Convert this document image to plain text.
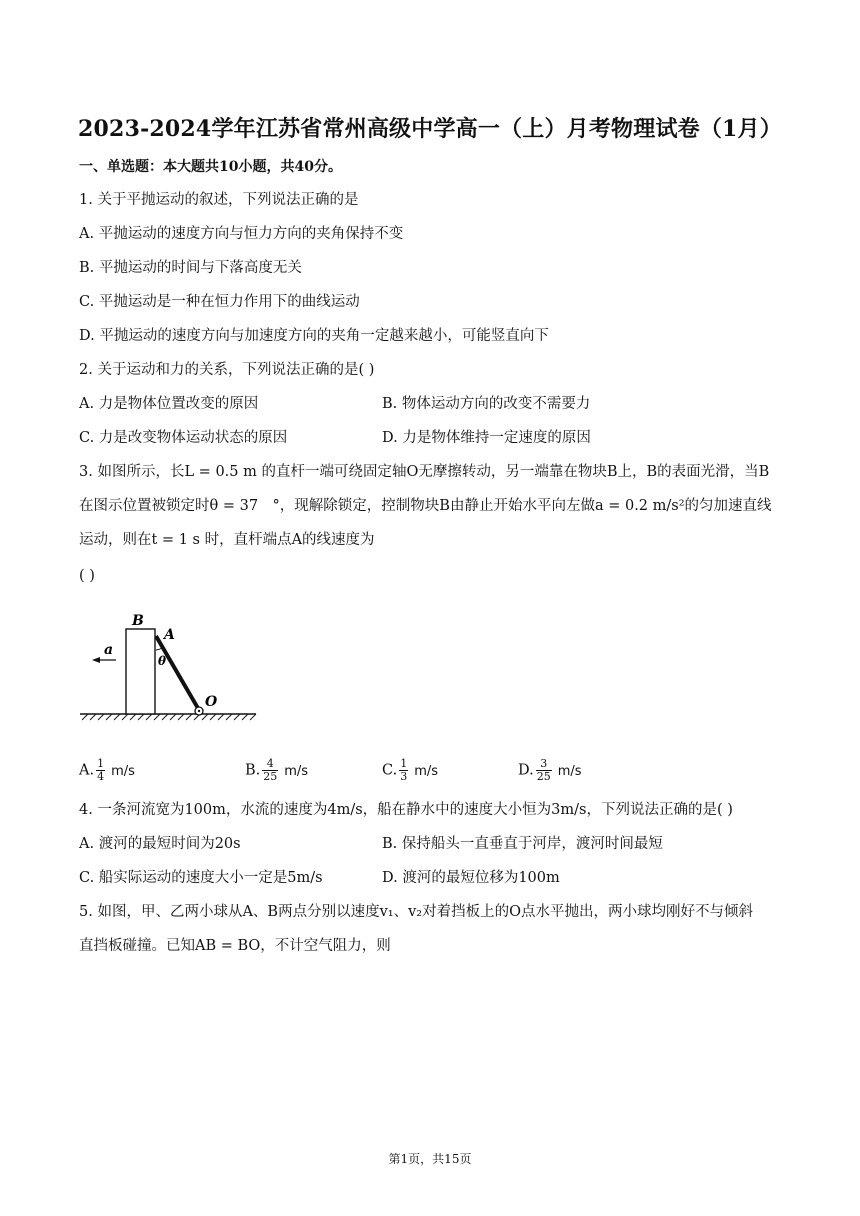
2023-2024学年江苏省常州高级中学高一（上）月考物理试卷（1月）
一、单选题：本大题共10小题，共40分。
1. 关于平抛运动的叙述，下列说法正确的是
A. 平抛运动的速度方向与恒力方向的夹角保持不变
B. 平抛运动的时间与下落高度无关
C. 平抛运动是一种在恒力作用下的曲线运动
D. 平抛运动的速度方向与加速度方向的夹角一定越来越小，可能竖直向下
2. 关于运动和力的关系，下列说法正确的是( )
A. 力是物体位置改变的原因	B. 物体运动方向的改变不需要力
C. 力是改变物体运动状态的原因	D. 力是物体维持一定速度的原因
3. 如图所示，长L = 0.5 m 的直杆一端可绕固定轴O无摩擦转动，另一端靠在物块B上，B的表面光滑，当B
在图示位置被锁定时θ = 37　°，现解除锁定，控制物块B由静止开始水平向左做a = 0.2 m/s²的匀加速直线
运动，则在t = 1 s 时，直杆端点A的线速度为
( )
B
A
a
θ
O
A. $\frac{1}{4} m/s$	B. $\frac{4}{25} m/s$	C. $\frac{1}{3} m/s$	D. $\frac{3}{25} m/s$
4. 一条河流宽为100m，水流的速度为4m/s，船在静水中的速度大小恒为3m/s，下列说法正确的是( )
A. 渡河的最短时间为20s	B. 保持船头一直垂直于河岸，渡河时间最短
C. 船实际运动的速度大小一定是5m/s	D. 渡河的最短位移为100m
5. 如图，甲、乙两小球从A、B两点分别以速度v₁、v₂对着挡板上的O点水平抛出，两小球均刚好不与倾斜
直挡板碰撞。已知AB = BO，不计空气阻力，则
第1页，共15页
